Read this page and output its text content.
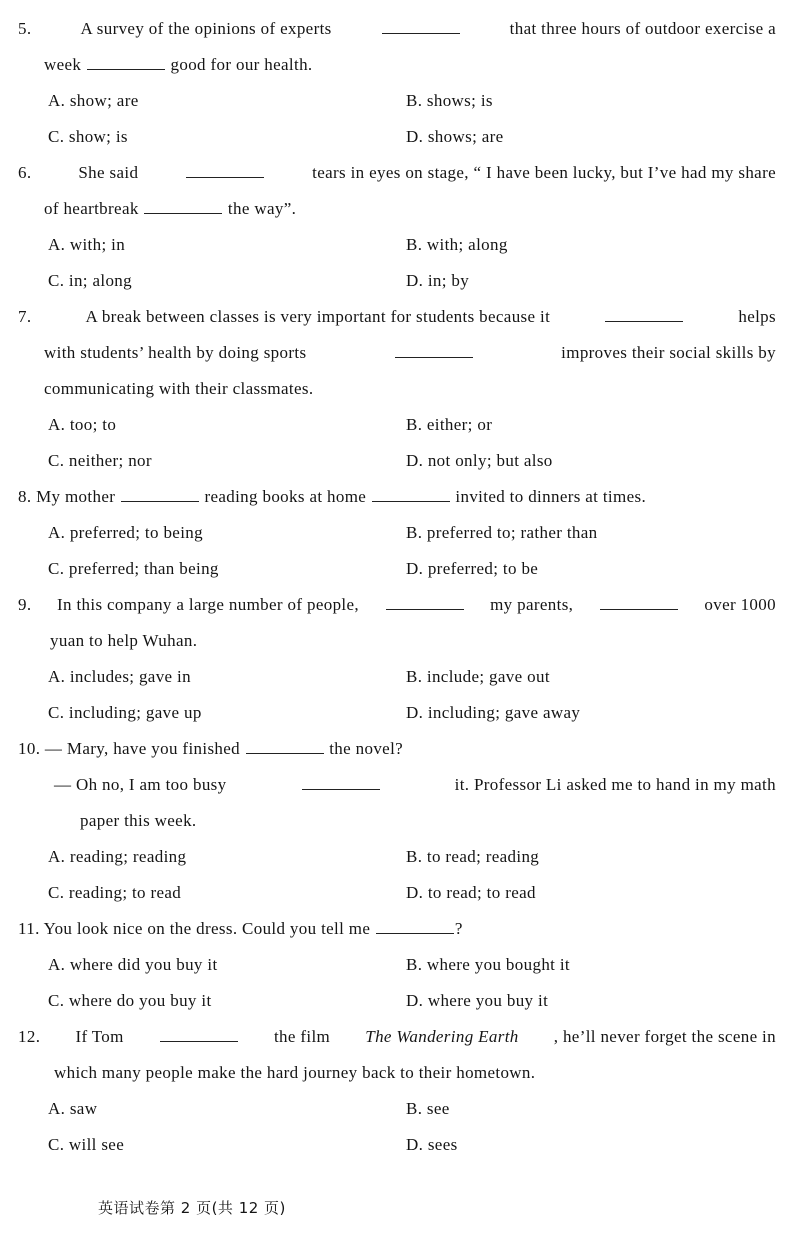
5.	A survey of the opinions of experts	that three hours of outdoor exercise a
week	good for our health.
A. show; are	B. shows; is
C. show; is	D. shows; are
6.	She said	tears in eyes on stage, “ I have been lucky, but I’ve had my share
of heartbreak	the way”.
A. with; in	B. with; along
C. in; along	D. in; by
7.	A break between classes is very important for students because it	helps
with students’ health by doing sports	improves their social skills by
communicating with their classmates.
A. too; to	B. either; or
C. neither; nor	D. not only; but also
8. My mother	reading books at home	invited to dinners at times.
A. preferred; to being	B. preferred to; rather than
C. preferred; than being	D. preferred; to be
9. In this company a large number of people,	my parents,	over 1000
yuan to help Wuhan.
A. includes; gave in	B. include; gave out
C. including; gave up	D. including; gave away
10. — Mary, have you finished	the novel?
— Oh no, I am too busy	it. Professor Li asked me to hand in my math
paper this week.
A. reading; reading	B. to read; reading
C. reading; to read	D. to read; to read
11. You look nice on the dress. Could you tell me	?
A. where did you buy it	B. where you bought it
C. where do you buy it	D. where you buy it
12. If Tom	the film The Wandering Earth , he’ll never forget the scene in
which many people make the hard journey back to their hometown.
A. saw	B. see
C. will see	D. sees
英语试卷第 2 页(共 12 页)
